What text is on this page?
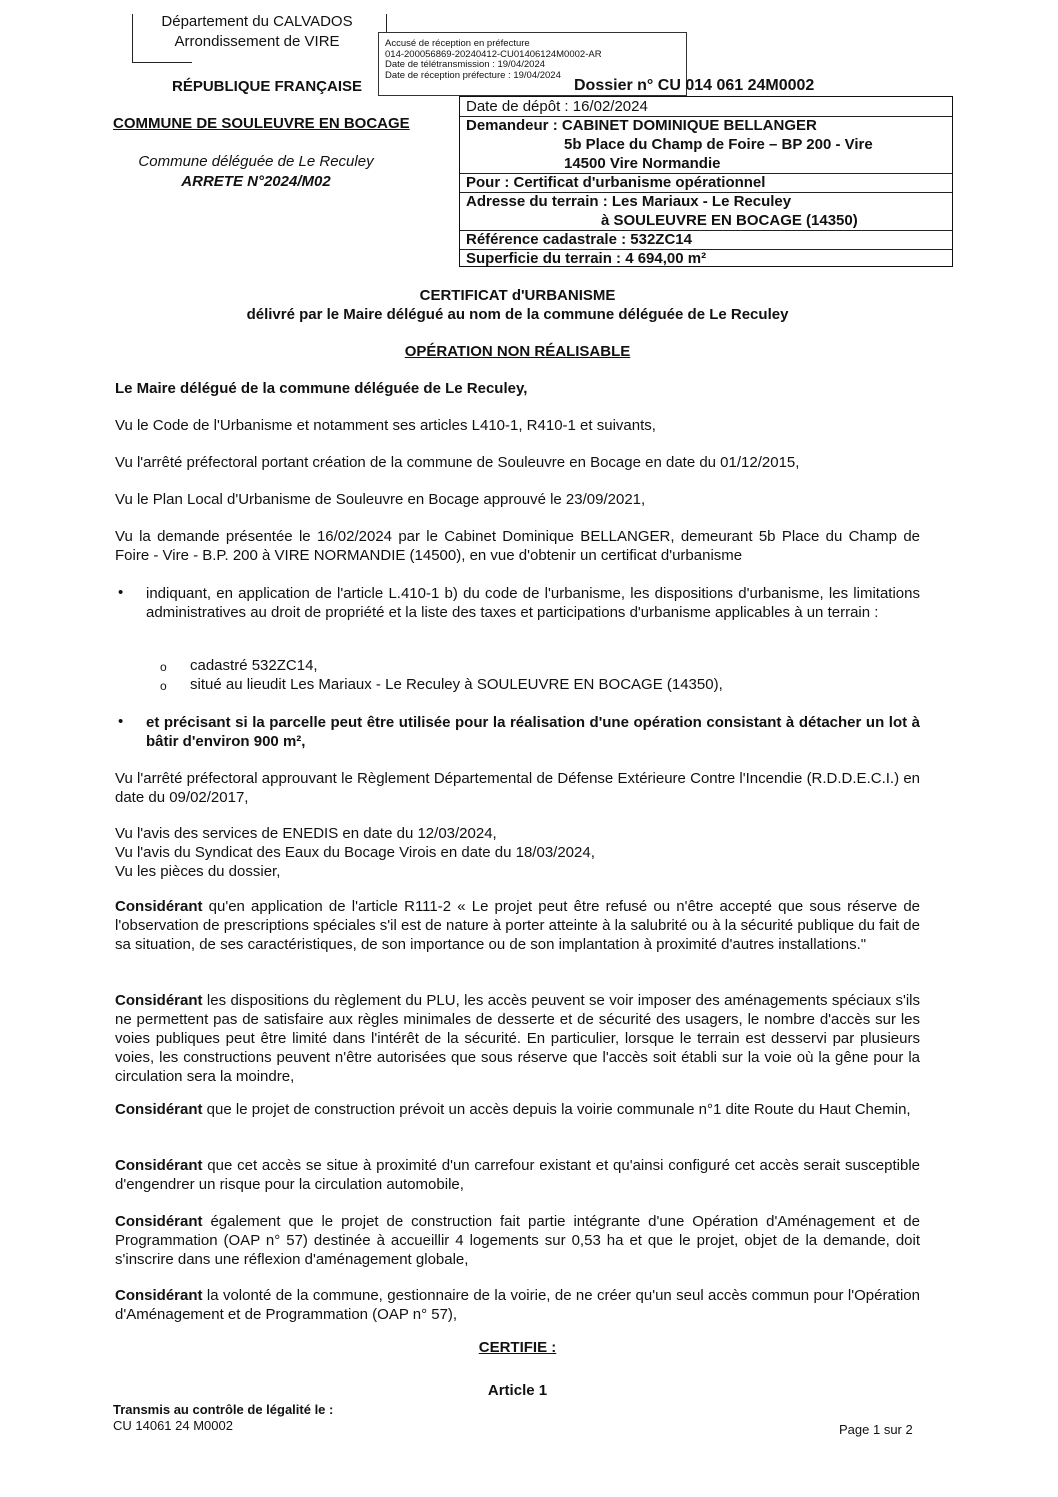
Département du CALVADOS
Arrondissement de VIRE	Accusé de réception en préfecture
014-200056869-20240412-CU01406124M0002-AR
Date de télétransmission : 19/04/2024
Date de réception préfecture : 19/04/2024
RÉPUBLIQUE FRANÇAISE
COMMUNE DE SOULEUVRE EN BOCAGE
Commune déléguée de Le Reculey
ARRETE N°2024/M02
Dossier n° CU 014 061 24M0002
Date de dépôt : 16/02/2024
Demandeur : CABINET DOMINIQUE BELLANGER
5b Place du Champ de Foire – BP 200 - Vire
14500 Vire Normandie
Pour : Certificat d'urbanisme opérationnel
Adresse du terrain : Les Mariaux - Le Reculey
à SOULEUVRE EN BOCAGE (14350)
Référence cadastrale : 532ZC14
Superficie du terrain : 4 694,00 m²
CERTIFICAT d'URBANISME
délivré par le Maire délégué au nom de la commune déléguée de Le Reculey
OPÉRATION NON RÉALISABLE
Le Maire délégué de la commune déléguée de Le Reculey,
Vu le Code de l'Urbanisme et notamment ses articles L410-1, R410-1 et suivants,
Vu l'arrêté préfectoral portant création de la commune de Souleuvre en Bocage en date du 01/12/2015,
Vu le Plan Local d'Urbanisme de Souleuvre en Bocage approuvé le 23/09/2021,
Vu la demande présentée le 16/02/2024 par le Cabinet Dominique BELLANGER, demeurant 5b Place du Champ de Foire - Vire - B.P. 200 à VIRE NORMANDIE (14500), en vue d'obtenir un certificat d'urbanisme
• indiquant, en application de l'article L.410-1 b) du code de l'urbanisme, les dispositions d'urbanisme, les limitations administratives au droit de propriété et la liste des taxes et participations d'urbanisme applicables à un terrain :
o cadastré 532ZC14,
o situé au lieudit Les Mariaux - Le Reculey à SOULEUVRE EN BOCAGE (14350),
• et précisant si la parcelle peut être utilisée pour la réalisation d'une opération consistant à détacher un lot à bâtir d'environ 900 m²,
Vu l'arrêté préfectoral approuvant le Règlement Départemental de Défense Extérieure Contre l'Incendie (R.D.D.E.C.I.) en date du 09/02/2017,
Vu l'avis des services de ENEDIS en date du 12/03/2024,
Vu l'avis du Syndicat des Eaux du Bocage Virois en date du 18/03/2024,
Vu les pièces du dossier,
Considérant qu'en application de l'article R111-2 « Le projet peut être refusé ou n'être accepté que sous réserve de l'observation de prescriptions spéciales s'il est de nature à porter atteinte à la salubrité ou à la sécurité publique du fait de sa situation, de ses caractéristiques, de son importance ou de son implantation à proximité d'autres installations."
Considérant les dispositions du règlement du PLU, les accès peuvent se voir imposer des aménagements spéciaux s'ils ne permettent pas de satisfaire aux règles minimales de desserte et de sécurité des usagers, le nombre d'accès sur les voies publiques peut être limité dans l'intérêt de la sécurité. En particulier, lorsque le terrain est desservi par plusieurs voies, les constructions peuvent n'être autorisées que sous réserve que l'accès soit établi sur la voie où la gêne pour la circulation sera la moindre,
Considérant que le projet de construction prévoit un accès depuis la voirie communale n°1 dite Route du Haut Chemin,
Considérant que cet accès se situe à proximité d'un carrefour existant et qu'ainsi configuré cet accès serait susceptible d'engendrer un risque pour la circulation automobile,
Considérant également que le projet de construction fait partie intégrante d'une Opération d'Aménagement et de Programmation (OAP n° 57) destinée à accueillir 4 logements sur 0,53 ha et que le projet, objet de la demande, doit s'inscrire dans une réflexion d'aménagement globale,
Considérant la volonté de la commune, gestionnaire de la voirie, de ne créer qu'un seul accès commun pour l'Opération d'Aménagement et de Programmation (OAP n° 57),
CERTIFIE :
Article 1
Transmis au contrôle de légalité le :
CU 14061 24 M0002	Page 1 sur 2
